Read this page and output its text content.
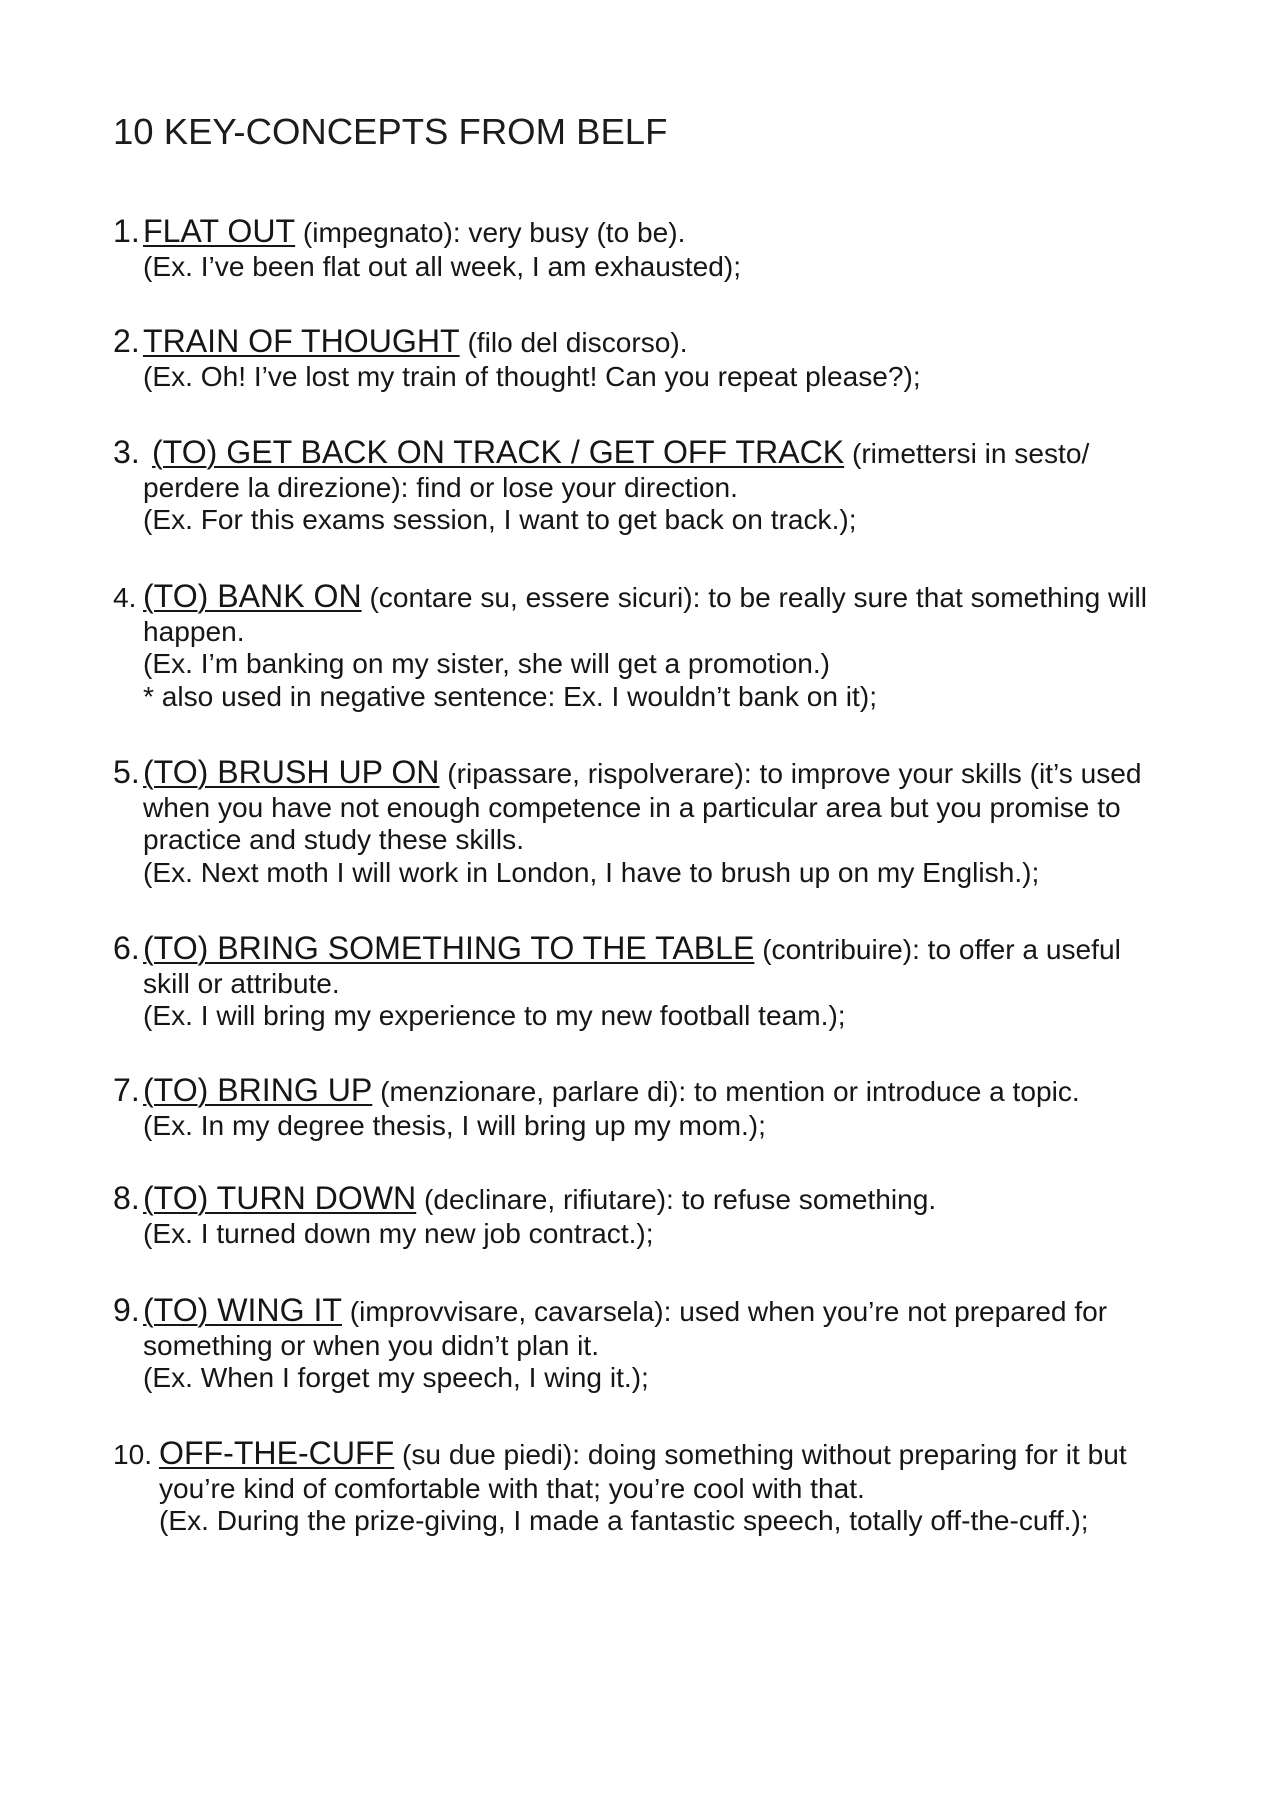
10 KEY-CONCEPTS FROM BELF
1. FLAT OUT (impegnato): very busy (to be).
(Ex. I’ve been flat out all week, I am exhausted);
2. TRAIN OF THOUGHT (filo del discorso).
(Ex. Oh! I’ve lost my train of thought! Can you repeat please?);
3. (TO) GET BACK ON TRACK / GET OFF TRACK (rimettersi in sesto/
perdere la direzione): find or lose your direction.
(Ex. For this exams session, I want to get back on track.);
4. (TO) BANK ON (contare su, essere sicuri): to be really sure that something will
happen.
(Ex. I’m banking on my sister, she will get a promotion.)
* also used in negative sentence: Ex. I wouldn’t bank on it);
5. (TO) BRUSH UP ON (ripassare, rispolverare): to improve your skills (it’s used
when you have not enough competence in a particular area but you promise to
practice and study these skills.
(Ex. Next moth I will work in London, I have to brush up on my English.);
6. (TO) BRING SOMETHING TO THE TABLE (contribuire): to offer a useful
skill or attribute.
(Ex. I will bring my experience to my new football team.);
7. (TO) BRING UP (menzionare, parlare di): to mention or introduce a topic.
(Ex. In my degree thesis, I will bring up my mom.);
8. (TO) TURN DOWN (declinare, rifiutare): to refuse something.
(Ex. I turned down my new job contract.);
9. (TO) WING IT (improvvisare, cavarsela): used when you’re not prepared for
something or when you didn’t plan it.
(Ex. When I forget my speech, I wing it.);
10. OFF-THE-CUFF (su due piedi): doing something without preparing for it but
you’re kind of comfortable with that; you’re cool with that.
(Ex. During the prize-giving, I made a fantastic speech, totally off-the-cuff.);
